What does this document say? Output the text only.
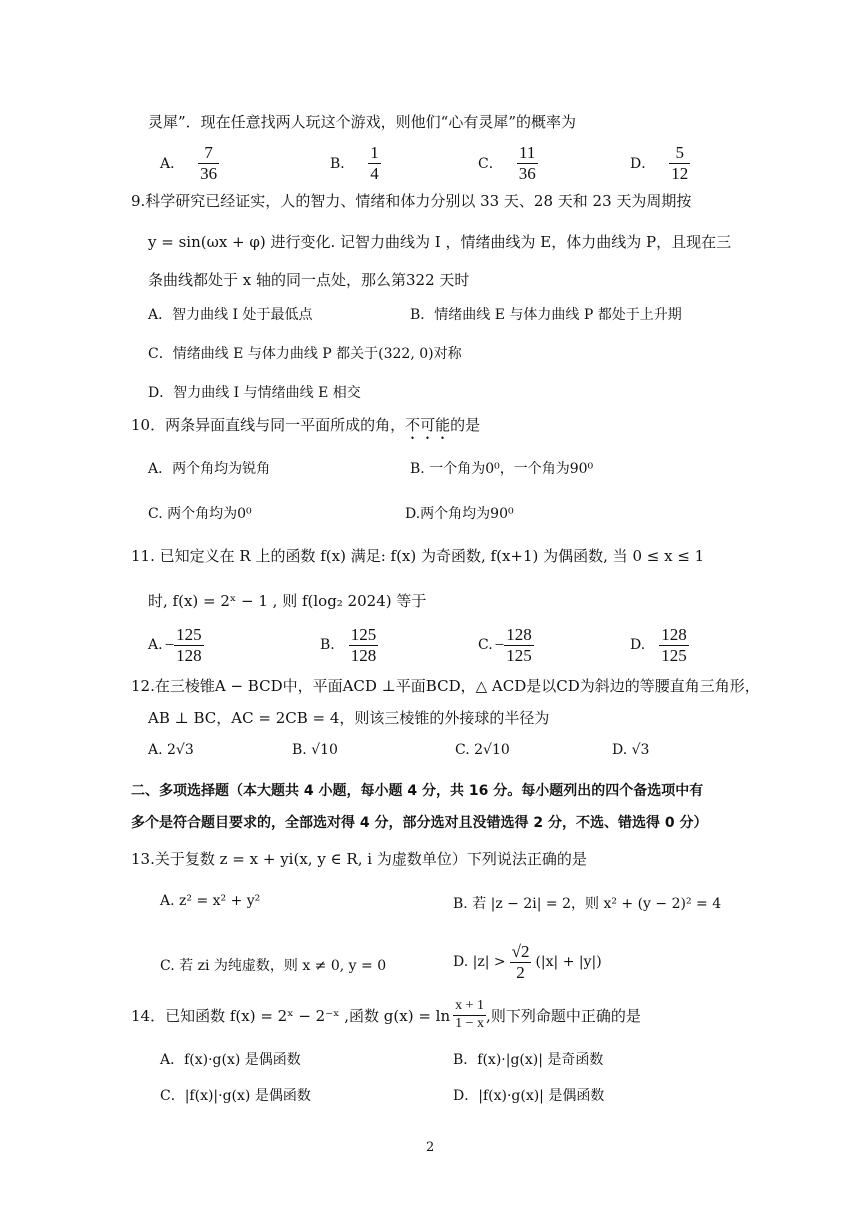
灵犀”．现在任意找两人玩这个游戏，则他们“心有灵犀”的概率为
A． $\frac{7}{36}$	B． $\frac{1}{4}$	C． $\frac{11}{36}$	D． $\frac{5}{12}$
9.科学研究已经证实，人的智力、情绪和体力分别以 33 天、28 天和 23 天为周期按
y = sin(ωx + φ) 进行变化. 记智力曲线为 I ，情绪曲线为 E，体力曲线为 P，且现在三
条曲线都处于 x 轴的同一点处，那么第322 天时
A．智力曲线 I 处于最低点	B．情绪曲线 E 与体力曲线 P 都处于上升期
C．情绪曲线 E 与体力曲线 P 都关于(322, 0)对称
D．智力曲线 I 与情绪曲线 E 相交
10．两条异面直线与同一平面所成的角，不可能的是
A．两个角均为锐角	B. 一个角为0⁰，一个角为90⁰
C. 两个角均为0⁰	D.两个角均为90⁰
11. 已知定义在 R 上的函数 f(x) 满足: f(x) 为奇函数, f(x+1) 为偶函数, 当 0 ≤ x ≤ 1
时, f(x) = 2ˣ − 1 , 则 f(log₂ 2024) 等于
A. − $\frac{125}{128}$	B. $\frac{125}{128}$	C. − $\frac{128}{125}$	D. $\frac{128}{125}$
12.在三棱锥A − BCD中，平面ACD ⊥平面BCD，△ ACD是以CD为斜边的等腰直角三角形，
AB ⊥ BC，AC = 2CB = 4，则该三棱锥的外接球的半径为
A. 2√3	B. √10	C. 2√10	D. √3
二、多项选择题（本大题共 4 小题，每小题 4 分，共 16 分。每小题列出的四个备选项中有
多个是符合题目要求的，全部选对得 4 分，部分选对且没错选得 2 分，不选、错选得 0 分）
13.关于复数 z = x + yi(x, y ∈ R, i 为虚数单位）下列说法正确的是
A. z² = x² + y²	B. 若 |z − 2i| = 2，则 x² + (y − 2)² = 4
C. 若 zi 为纯虚数，则 x ≠ 0, y = 0	D. $|z| > \frac{√2}{2} (|x| + |y|)$
14．已知函数 f(x) = 2ˣ − 2⁻ˣ ,函数 $g(x) = \ln \frac{x + 1}{1 - x}$ ,则下列命题中正确的是
A．f(x)·g(x) 是偶函数	B．f(x)·|g(x)| 是奇函数
C．|f(x)|·g(x) 是偶函数	D．|f(x)·g(x)| 是偶函数
2
